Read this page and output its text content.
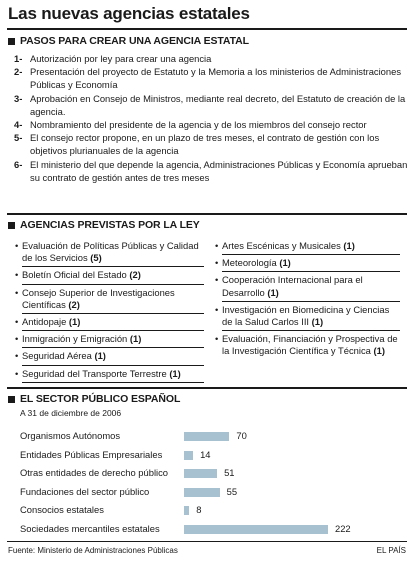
Las nuevas agencias estatales
PASOS PARA CREAR UNA AGENCIA ESTATAL
1- Autorización por ley para crear una agencia
2- Presentación del proyecto de Estatuto y la Memoria a los ministerios de Administraciones Públicas y Economía
3- Aprobación en Consejo de Ministros, mediante real decreto, del Estatuto de creación de la agencia.
4- Nombramiento del presidente de la agencia y de los miembros del consejo rector
5- El consejo rector propone, en un plazo de tres meses, el contrato de gestión con los objetivos plurianuales de la agencia
6- El ministerio del que depende la agencia, Administraciones Públicas y Economía aprueban su contrato de gestión antes de tres meses
AGENCIAS PREVISTAS POR LA LEY
• Evaluación de Políticas Públicas y Calidad de los Servicios (5)
• Boletín Oficial del Estado (2)
• Consejo Superior de Investigaciones Científicas (2)
• Antidopaje (1)
• Inmigración y Emigración (1)
• Seguridad Aérea (1)
• Seguridad del Transporte Terrestre (1)
• Artes Escénicas y Musicales (1)
• Meteorología (1)
• Cooperación Internacional para el Desarrollo (1)
• Investigación en Biomedicina y Ciencias de la Salud Carlos III (1)
• Evaluación, Financiación y Prospectiva de la Investigación Científica y Técnica (1)
EL SECTOR PÚBLICO ESPAÑOL
A 31 de diciembre de 2006
Organismos Autónomos	70
Entidades Públicas Empresariales	14
Otras entidades de derecho público	51
Fundaciones del sector público	55
Consocios estatales	8
Sociedades mercantiles estatales	222
Fuente: Ministerio de Administraciones Públicas	EL PAÍS
